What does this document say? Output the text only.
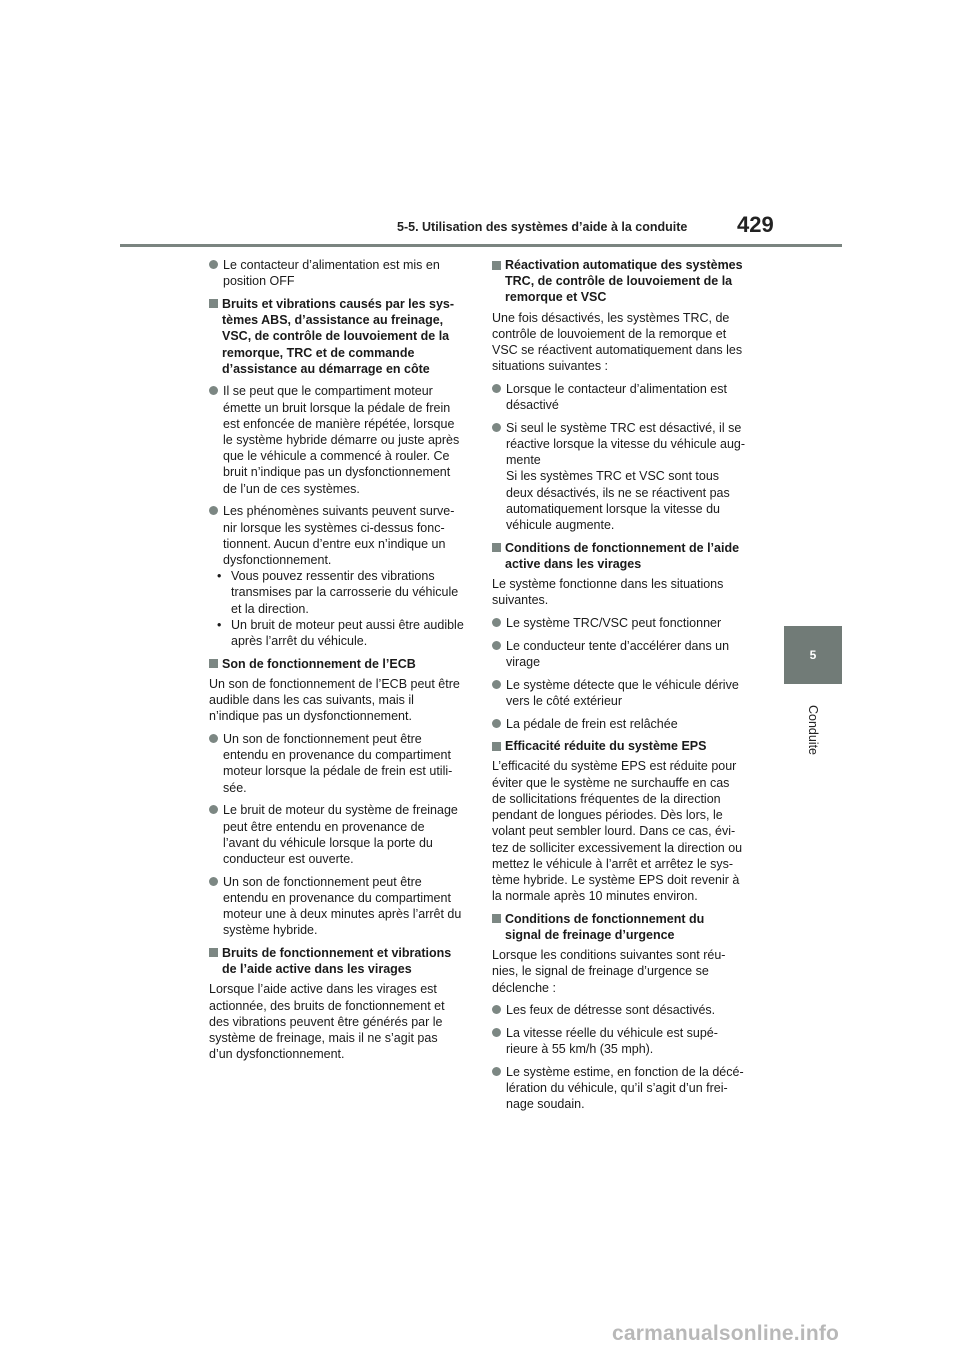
5-5. Utilisation des systèmes d’aide à la conduite 429
5
Conduite
Le contacteur d’alimentation est mis en
position OFF
Bruits et vibrations causés par les sys-
tèmes ABS, d’assistance au freinage,
VSC, de contrôle de louvoiement de la
remorque, TRC et de commande
d’assistance au démarrage en côte
Il se peut que le compartiment moteur
émette un bruit lorsque la pédale de frein
est enfoncée de manière répétée, lorsque
le système hybride démarre ou juste après
que le véhicule a commencé à rouler. Ce
bruit n’indique pas un dysfonctionnement
de l’un de ces systèmes.
Les phénomènes suivants peuvent surve-
nir lorsque les systèmes ci-dessus fonc-
tionnent. Aucun d’entre eux n’indique un
dysfonctionnement.
• Vous pouvez ressentir des vibrations
transmises par la carrosserie du véhicule
et la direction.
• Un bruit de moteur peut aussi être audible
après l’arrêt du véhicule.
Son de fonctionnement de l’ECB
Un son de fonctionnement de l’ECB peut être
audible dans les cas suivants, mais il
n’indique pas un dysfonctionnement.
Un son de fonctionnement peut être
entendu en provenance du compartiment
moteur lorsque la pédale de frein est utili-
sée.
Le bruit de moteur du système de freinage
peut être entendu en provenance de
l’avant du véhicule lorsque la porte du
conducteur est ouverte.
Un son de fonctionnement peut être
entendu en provenance du compartiment
moteur une à deux minutes après l’arrêt du
système hybride.
Bruits de fonctionnement et vibrations
de l’aide active dans les virages
Lorsque l’aide active dans les virages est
actionnée, des bruits de fonctionnement et
des vibrations peuvent être générés par le
système de freinage, mais il ne s’agit pas
d’un dysfonctionnement.
Réactivation automatique des systèmes
TRC, de contrôle de louvoiement de la
remorque et VSC
Une fois désactivés, les systèmes TRC, de
contrôle de louvoiement de la remorque et
VSC se réactivent automatiquement dans les
situations suivantes :
Lorsque le contacteur d’alimentation est
désactivé
Si seul le système TRC est désactivé, il se
réactive lorsque la vitesse du véhicule aug-
mente
Si les systèmes TRC et VSC sont tous
deux désactivés, ils ne se réactivent pas
automatiquement lorsque la vitesse du
véhicule augmente.
Conditions de fonctionnement de l’aide
active dans les virages
Le système fonctionne dans les situations
suivantes.
Le système TRC/VSC peut fonctionner
Le conducteur tente d’accélérer dans un
virage
Le système détecte que le véhicule dérive
vers le côté extérieur
La pédale de frein est relâchée
Efficacité réduite du système EPS
L’efficacité du système EPS est réduite pour
éviter que le système ne surchauffe en cas
de sollicitations fréquentes de la direction
pendant de longues périodes. Dès lors, le
volant peut sembler lourd. Dans ce cas, évi-
tez de solliciter excessivement la direction ou
mettez le véhicule à l’arrêt et arrêtez le sys-
tème hybride. Le système EPS doit revenir à
la normale après 10 minutes environ.
Conditions de fonctionnement du
signal de freinage d’urgence
Lorsque les conditions suivantes sont réu-
nies, le signal de freinage d’urgence se
déclenche :
Les feux de détresse sont désactivés.
La vitesse réelle du véhicule est supé-
rieure à 55 km/h (35 mph).
Le système estime, en fonction de la décé-
lération du véhicule, qu’il s’agit d’un frei-
nage soudain.
carmanualsonline.info
